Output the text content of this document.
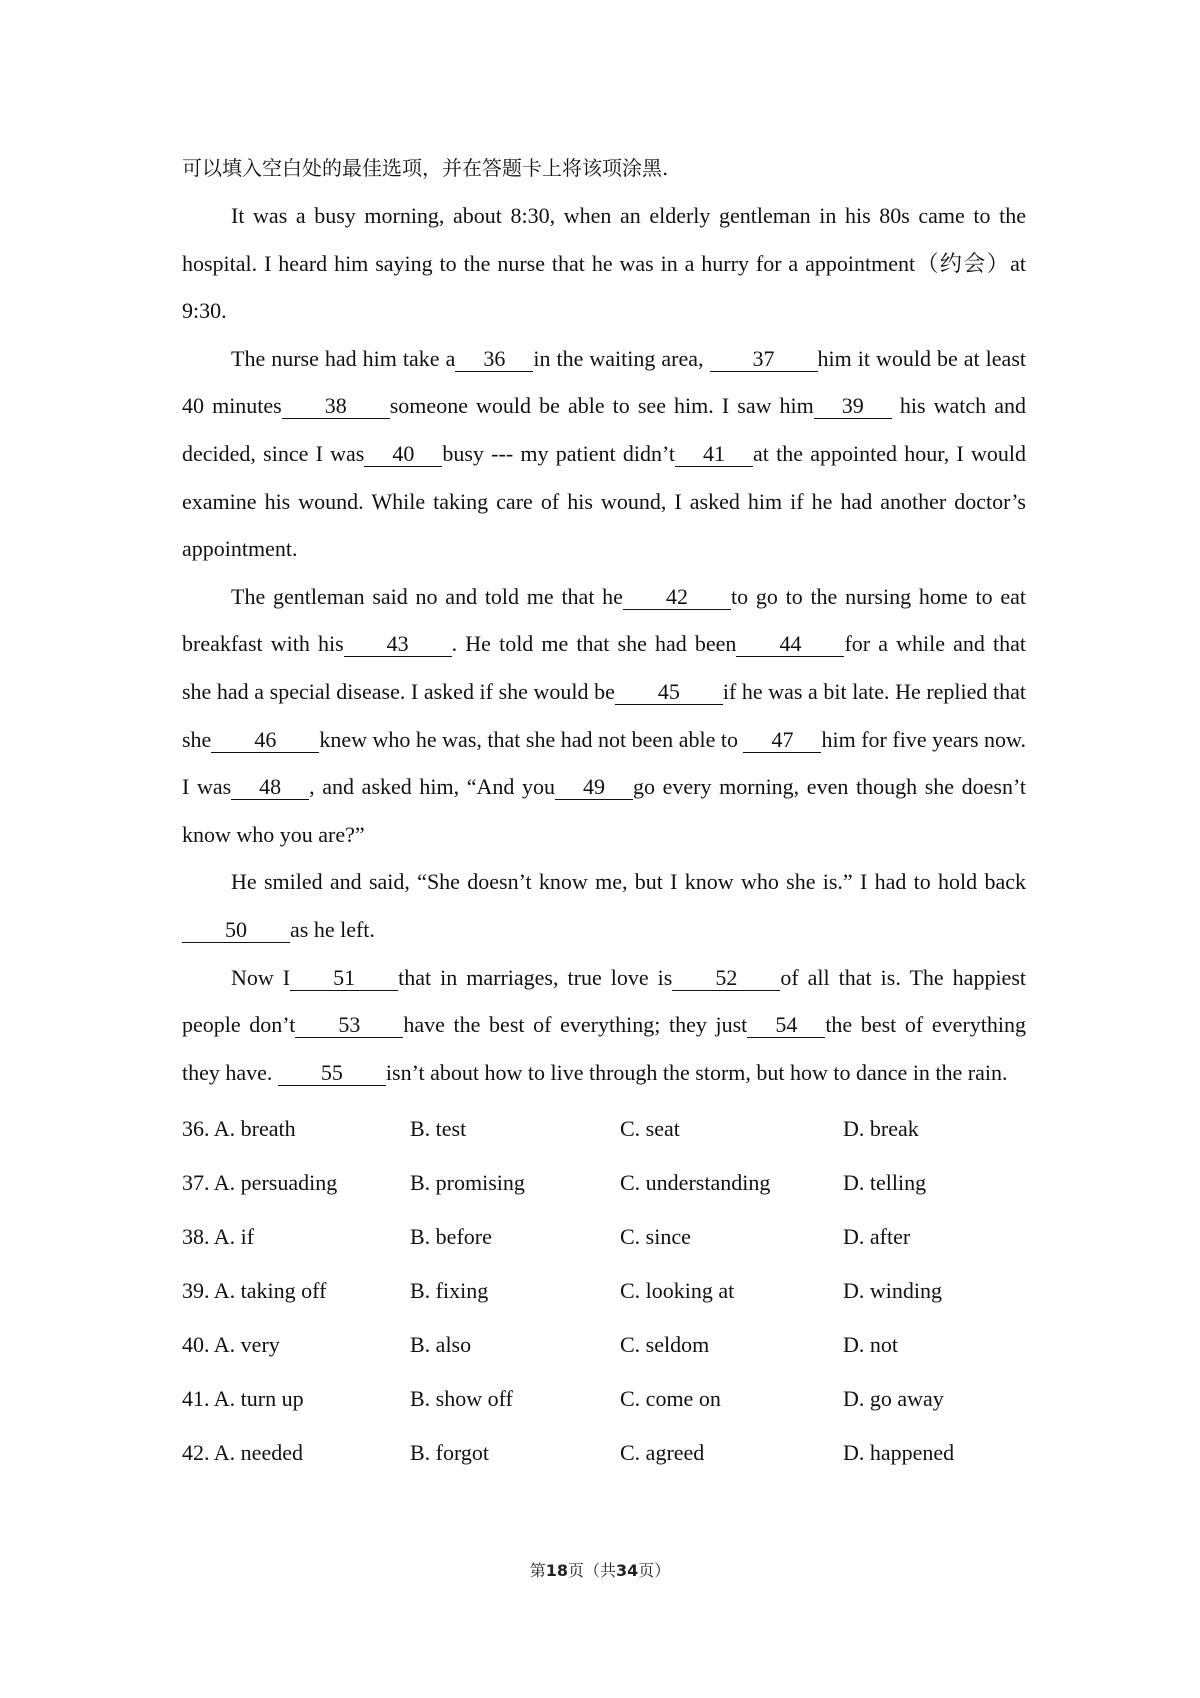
可以填入空白处的最佳选项，并在答题卡上将该项涂黑.

It was a busy morning, about 8:30, when an elderly gentleman in his 80s came to the hospital. I heard him saying to the nurse that he was in a hurry for a appointment（约会）at 9:30.

The nurse had him take a 36 in the waiting area, 37 him it would be at least 40 minutes 38 someone would be able to see him. I saw him 39 his watch and decided, since I was 40 busy --- my patient didn’t 41 at the appointed hour, I would examine his wound. While taking care of his wound, I asked him if he had another doctor’s appointment.

The gentleman said no and told me that he 42 to go to the nursing home to eat breakfast with his 43 . He told me that she had been 44 for a while and that she had a special disease. I asked if she would be 45 if he was a bit late. He replied that she 46 knew who he was, that she had not been able to 47 him for five years now. I was 48 , and asked him, “And you 49 go every morning, even though she doesn’t know who you are?”

He smiled and said, “She doesn’t know me, but I know who she is.” I had to hold back50 as he left.

Now I 51 that in marriages, true love is 52 of all that is. The happiest people don’t 53 have the best of everything; they just 54 the best of everything they have. 55 isn’t about how to live through the storm, but how to dance in the rain.

36. A. breath	B. test	C. seat	D. break
37. A. persuading	B. promising	C. understanding	D. telling
38. A. if	B. before	C. since	D. after
39. A. taking off	B. fixing	C. looking at	D. winding
40. A. very	B. also	C. seldom	D. not
41. A. turn up	B. show off	C. come on	D. go away
42. A. needed	B. forgot	C. agreed	D. happened
第18页（共34页）
